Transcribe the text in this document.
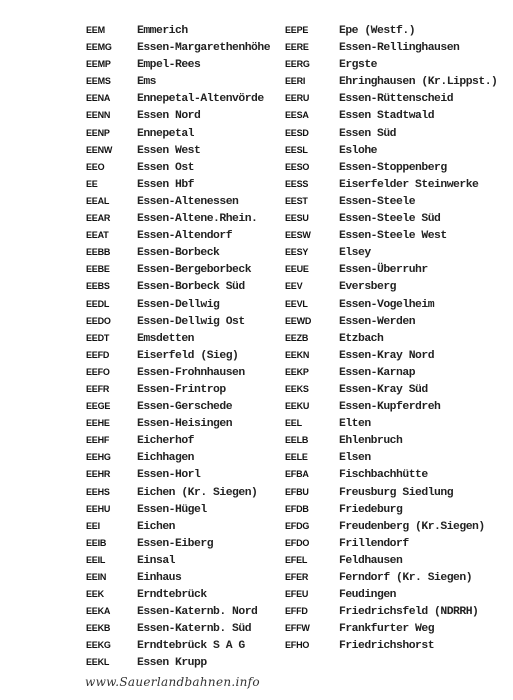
EEM	Emmerich
EEMG	Essen-Margarethenhöhe
EEMP	Empel-Rees
EEMS	Ems
EENA	Ennepetal-Altenvörde
EENN	Essen Nord
EENP	Ennepetal
EENW	Essen West
EEO	Essen Ost
EE	Essen Hbf
EEAL	Essen-Altenessen
EEAR	Essen-Altene.Rhein.
EEAT	Essen-Altendorf
EEBB	Essen-Borbeck
EEBE	Essen-Bergeborbeck
EEBS	Essen-Borbeck Süd
EEDL	Essen-Dellwig
EEDO	Essen-Dellwig Ost
EEDT	Emsdetten
EEFD	Eiserfeld (Sieg)
EEFO	Essen-Frohnhausen
EEFR	Essen-Frintrop
EEGE	Essen-Gerschede
EEHE	Essen-Heisingen
EEHF	Eicherhof
EEHG	Eichhagen
EEHR	Essen-Horl
EEHS	Eichen (Kr. Siegen)
EEHU	Essen-Hügel
EEI	Eichen
EEIB	Essen-Eiberg
EEIL	Einsal
EEIN	Einhaus
EEK	Erndtebrück
EEKA	Essen-Katernb. Nord
EEKB	Essen-Katernb. Süd
EEKG	Erndtebrück S A G
EEKL	Essen Krupp
EEPE	Epe (Westf.)
EERE	Essen-Rellinghausen
EERG	Ergste
EERI	Ehringhausen (Kr.Lippst.)
EERU	Essen-Rüttenscheid
EESA	Essen Stadtwald
EESD	Essen Süd
EESL	Eslohe
EESO	Essen-Stoppenberg
EESS	Eiserfelder Steinwerke
EEST	Essen-Steele
EESU	Essen-Steele Süd
EESW	Essen-Steele West
EESY	Elsey
EEUE	Essen-Überruhr
EEV	Eversberg
EEVL	Essen-Vogelheim
EEWD	Essen-Werden
EEZB	Etzbach
EEKN	Essen-Kray Nord
EEKP	Essen-Karnap
EEKS	Essen-Kray Süd
EEKU	Essen-Kupferdreh
EEL	Elten
EELB	Ehlenbruch
EELE	Elsen
EFBA	Fischbachhütte
EFBU	Freusburg Siedlung
EFDB	Friedeburg
EFDG	Freudenberg (Kr.Siegen)
EFDO	Frillendorf
EFEL	Feldhausen
EFER	Ferndorf (Kr. Siegen)
EFEU	Feudingen
EFFD	Friedrichsfeld (NDRRH)
EFFW	Frankfurter Weg
EFHO	Friedrichshorst
www.Sauerlandbahnen.info
